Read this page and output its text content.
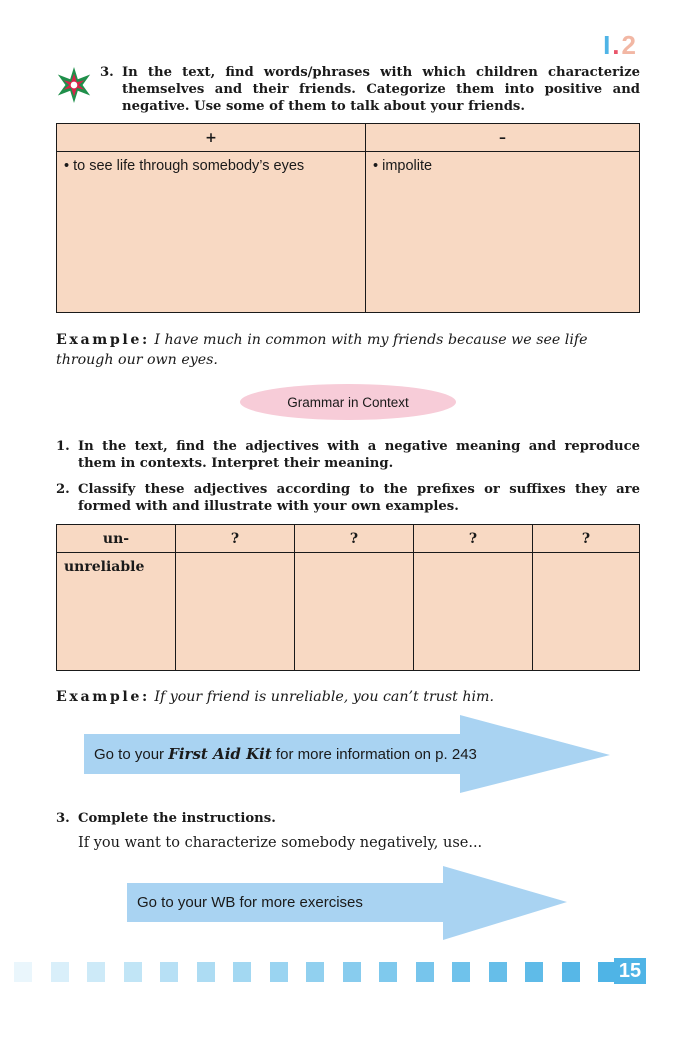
I.2
3. In the text, find words/phrases with which children characterize themselves and their friends. Categorize them into positive and negative. Use some of them to talk about your friends.
+	–

• to see life through somebody’s eyes	• impolite
Example: I have much in common with my friends because we see life through our own eyes.
Grammar in Context
1. In the text, find the adjectives with a negative meaning and reproduce them in contexts. Interpret their meaning.
2. Classify these adjectives according to the prefixes or suffixes they are formed with and illustrate with your own examples.
un-	?	?	?	?

unreliable				

Example: If your friend is unreliable, you can’t trust him.
Go to your First Aid Kit for more information on p. 243
3. Complete the instructions.
If you want to characterize somebody negatively, use...
Go to your WB for more exercises
15
